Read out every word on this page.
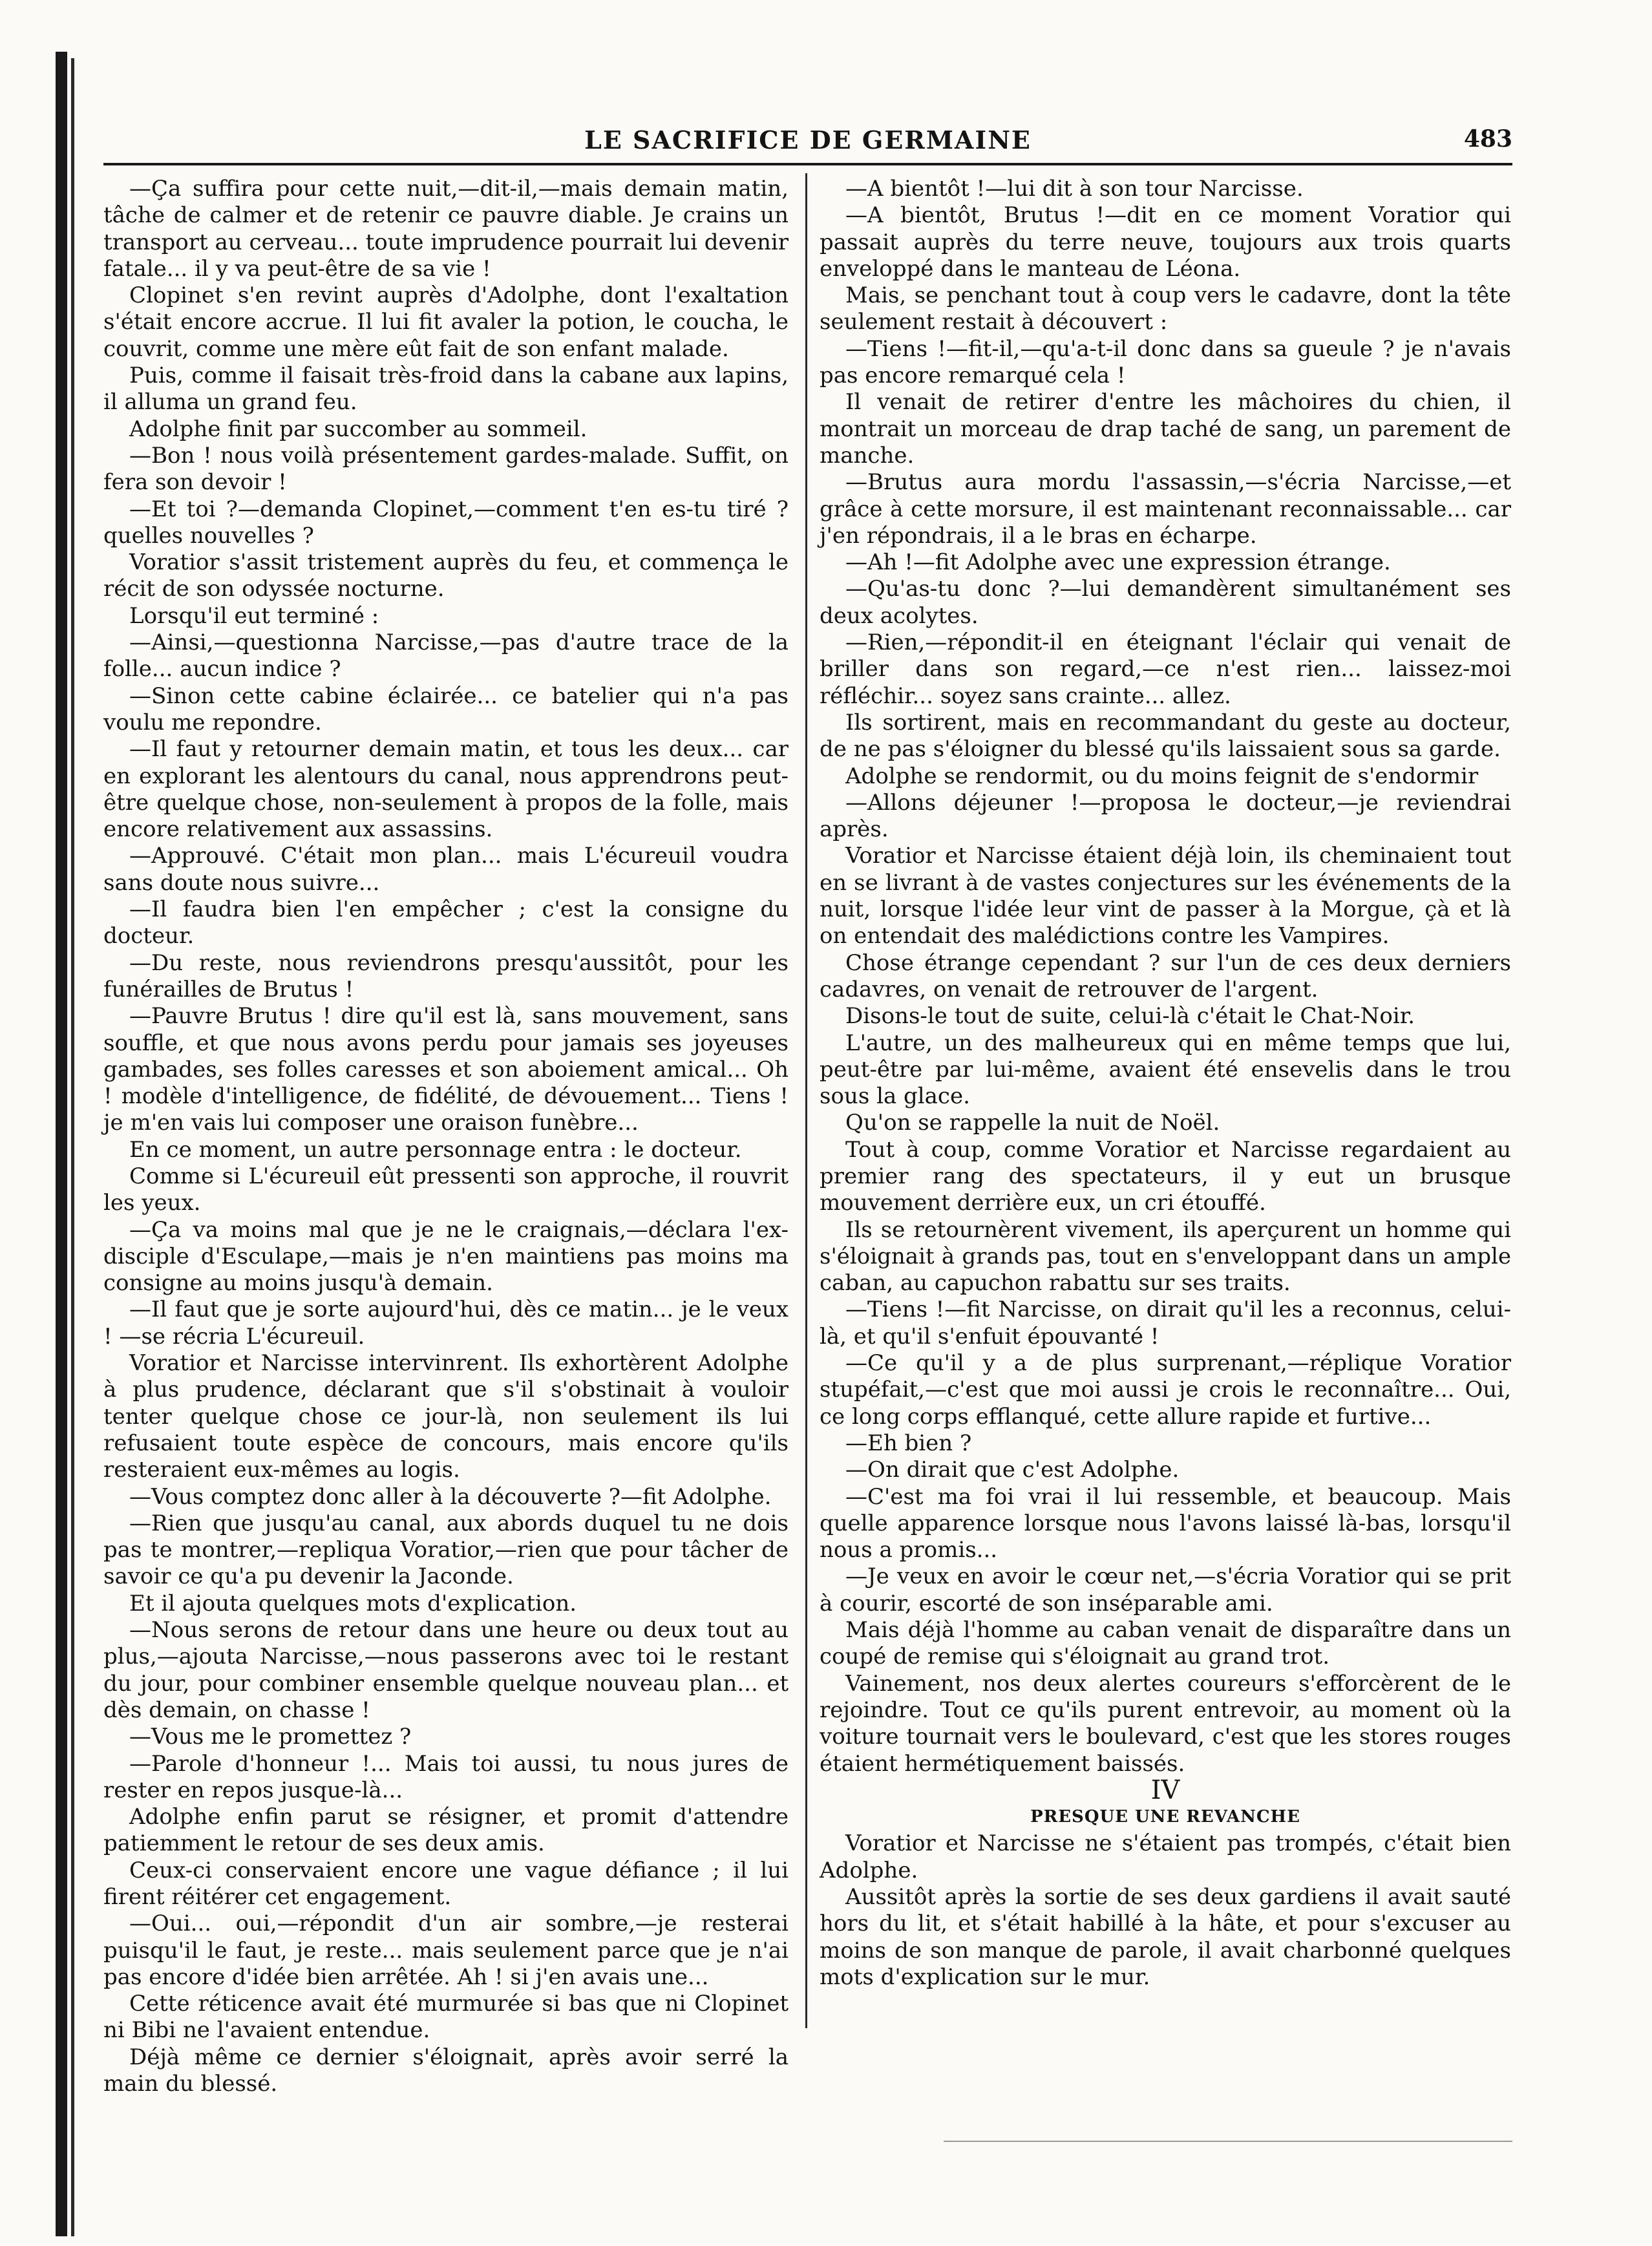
LE SACRIFICE DE GERMAINE	483

—Ça suffira pour cette nuit,—dit-il,—mais demain matin, tâche de calmer et de retenir ce pauvre diable. Je crains un transport au cerveau... toute imprudence pourrait lui devenir fatale... il y va peut-être de sa vie !

Clopinet s'en revint auprès d'Adolphe, dont l'exaltation s'était encore accrue. Il lui fit avaler la potion, le coucha, le couvrit, comme une mère eût fait de son enfant malade.

Puis, comme il faisait très-froid dans la cabane aux lapins, il alluma un grand feu.

Adolphe finit par succomber au sommeil.

—Bon ! nous voilà présentement gardes-malade. Suffit, on fera son devoir !

—Et toi ?—demanda Clopinet,—comment t'en es-tu tiré ? quelles nouvelles ?

Voratior s'assit tristement auprès du feu, et commença le récit de son odyssée nocturne.

Lorsqu'il eut terminé :

—Ainsi,—questionna Narcisse,—pas d'autre trace de la folle... aucun indice ?

—Sinon cette cabine éclairée... ce batelier qui n'a pas voulu me repondre.

—Il faut y retourner demain matin, et tous les deux... car en explorant les alentours du canal, nous apprendrons peut-être quelque chose, non-seulement à propos de la folle, mais encore relativement aux assassins.

—Approuvé. C'était mon plan... mais L'écureuil voudra sans doute nous suivre...

—Il faudra bien l'en empêcher ; c'est la consigne du docteur.

—Du reste, nous reviendrons presqu'aussitôt, pour les funérailles de Brutus !

—Pauvre Brutus ! dire qu'il est là, sans mouvement, sans souffle, et que nous avons perdu pour jamais ses joyeuses gambades, ses folles caresses et son aboiement amical... Oh ! modèle d'intelligence, de fidélité, de dévouement... Tiens ! je m'en vais lui composer une oraison funèbre...

En ce moment, un autre personnage entra : le docteur.

Comme si L'écureuil eût pressenti son approche, il rouvrit les yeux.

—Ça va moins mal que je ne le craignais,—déclara l'ex-disciple d'Esculape,—mais je n'en maintiens pas moins ma consigne au moins jusqu'à demain.

—Il faut que je sorte aujourd'hui, dès ce matin... je le veux ! —se récria L'écureuil.

Voratior et Narcisse intervinrent. Ils exhortèrent Adolphe à plus prudence, déclarant que s'il s'obstinait à vouloir tenter quelque chose ce jour-là, non seulement ils lui refusaient toute espèce de concours, mais encore qu'ils resteraient eux-mêmes au logis.

—Vous comptez donc aller à la découverte ?—fit Adolphe.

—Rien que jusqu'au canal, aux abords duquel tu ne dois pas te montrer,—repliqua Voratior,—rien que pour tâcher de savoir ce qu'a pu devenir la Jaconde.

Et il ajouta quelques mots d'explication.

—Nous serons de retour dans une heure ou deux tout au plus,—ajouta Narcisse,—nous passerons avec toi le restant du jour, pour combiner ensemble quelque nouveau plan... et dès demain, on chasse !

—Vous me le promettez ?

—Parole d'honneur !... Mais toi aussi, tu nous jures de rester en repos jusque-là...

Adolphe enfin parut se résigner, et promit d'attendre patiemment le retour de ses deux amis.

Ceux-ci conservaient encore une vague défiance ; il lui firent réitérer cet engagement.

—Oui... oui,—répondit d'un air sombre,—je resterai puisqu'il le faut, je reste... mais seulement parce que je n'ai pas encore d'idée bien arrêtée. Ah ! si j'en avais une...

Cette réticence avait été murmurée si bas que ni Clopinet ni Bibi ne l'avaient entendue.

Déjà même ce dernier s'éloignait, après avoir serré la main du blessé.

—A bientôt !—lui dit à son tour Narcisse.

—A bientôt, Brutus !—dit en ce moment Voratior qui passait auprès du terre neuve, toujours aux trois quarts enveloppé dans le manteau de Léona.

Mais, se penchant tout à coup vers le cadavre, dont la tête seulement restait à découvert :

—Tiens !—fit-il,—qu'a-t-il donc dans sa gueule ? je n'avais pas encore remarqué cela !

Il venait de retirer d'entre les mâchoires du chien, il montrait un morceau de drap taché de sang, un parement de manche.

—Brutus aura mordu l'assassin,—s'écria Narcisse,—et grâce à cette morsure, il est maintenant reconnaissable... car j'en répondrais, il a le bras en écharpe.

—Ah !—fit Adolphe avec une expression étrange.

—Qu'as-tu donc ?—lui demandèrent simultanément ses deux acolytes.

—Rien,—répondit-il en éteignant l'éclair qui venait de briller dans son regard,—ce n'est rien... laissez-moi réfléchir... soyez sans crainte... allez.

Ils sortirent, mais en recommandant du geste au docteur, de ne pas s'éloigner du blessé qu'ils laissaient sous sa garde.

Adolphe se rendormit, ou du moins feignit de s'endormir

—Allons déjeuner !—proposa le docteur,—je reviendrai après.

Voratior et Narcisse étaient déjà loin, ils cheminaient tout en se livrant à de vastes conjectures sur les événements de la nuit, lorsque l'idée leur vint de passer à la Morgue, çà et là on entendait des malédictions contre les Vampires.

Chose étrange cependant ? sur l'un de ces deux derniers cadavres, on venait de retrouver de l'argent.

Disons-le tout de suite, celui-là c'était le Chat-Noir.

L'autre, un des malheureux qui en même temps que lui, peut-être par lui-même, avaient été ensevelis dans le trou sous la glace.

Qu'on se rappelle la nuit de Noël.

Tout à coup, comme Voratior et Narcisse regardaient au premier rang des spectateurs, il y eut un brusque mouvement derrière eux, un cri étouffé.

Ils se retournèrent vivement, ils aperçurent un homme qui s'éloignait à grands pas, tout en s'enveloppant dans un ample caban, au capuchon rabattu sur ses traits.

—Tiens !—fit Narcisse, on dirait qu'il les a reconnus, celui-là, et qu'il s'enfuit épouvanté !

—Ce qu'il y a de plus surprenant,—réplique Voratior stupéfait,—c'est que moi aussi je crois le reconnaître... Oui, ce long corps efflanqué, cette allure rapide et furtive...

—Eh bien ?

—On dirait que c'est Adolphe.

—C'est ma foi vrai il lui ressemble, et beaucoup. Mais quelle apparence lorsque nous l'avons laissé là-bas, lorsqu'il nous a promis...

—Je veux en avoir le cœur net,—s'écria Voratior qui se prit à courir, escorté de son inséparable ami.

Mais déjà l'homme au caban venait de disparaître dans un coupé de remise qui s'éloignait au grand trot.

Vainement, nos deux alertes coureurs s'efforcèrent de le rejoindre. Tout ce qu'ils purent entrevoir, au moment où la voiture tournait vers le boulevard, c'est que les stores rouges étaient hermétiquement baissés.

IV

PRESQUE UNE REVANCHE

Voratior et Narcisse ne s'étaient pas trompés, c'était bien Adolphe.

Aussitôt après la sortie de ses deux gardiens il avait sauté hors du lit, et s'était habillé à la hâte, et pour s'excuser au moins de son manque de parole, il avait charbonné quelques mots d'explication sur le mur.
